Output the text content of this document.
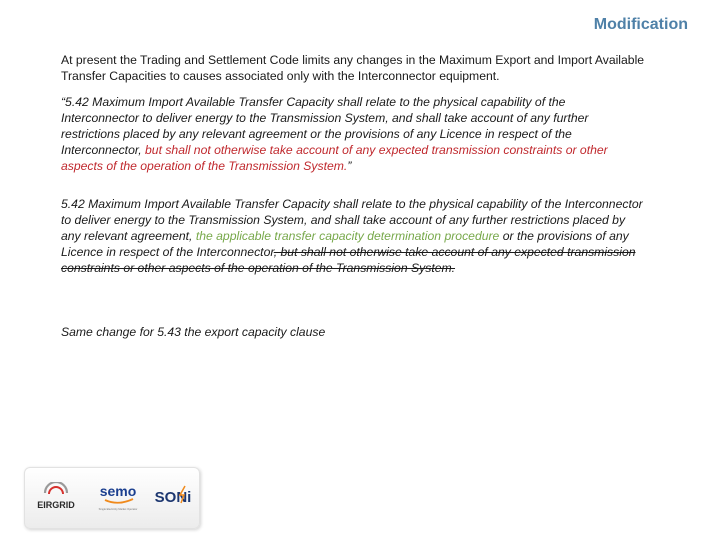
Modification

At present the Trading and Settlement Code limits any changes in the Maximum Export and Import Available Transfer Capacities to causes associated only with the Interconnector equipment.

“5.42 Maximum Import Available Transfer Capacity shall relate to the physical capability of the Interconnector to deliver energy to the Transmission System, and shall take account of any further restrictions placed by any relevant agreement or the provisions of any Licence in respect of the Interconnector, but shall not otherwise take account of any expected transmission constraints or other aspects of the operation of the Transmission System.”

5.42 Maximum Import Available Transfer Capacity shall relate to the physical capability of the Interconnector to deliver energy to the Transmission System, and shall take account of any further restrictions placed by any relevant agreement, the applicable transfer capacity determination procedure or the provisions of any Licence in respect of the Interconnector, but shall not otherwise take account of any expected transmission constraints or other aspects of the operation of the Transmission System.

Same change for 5.43 the export capacity clause

EIRGRID
semo
Single Electricity Market Operator
SONi
